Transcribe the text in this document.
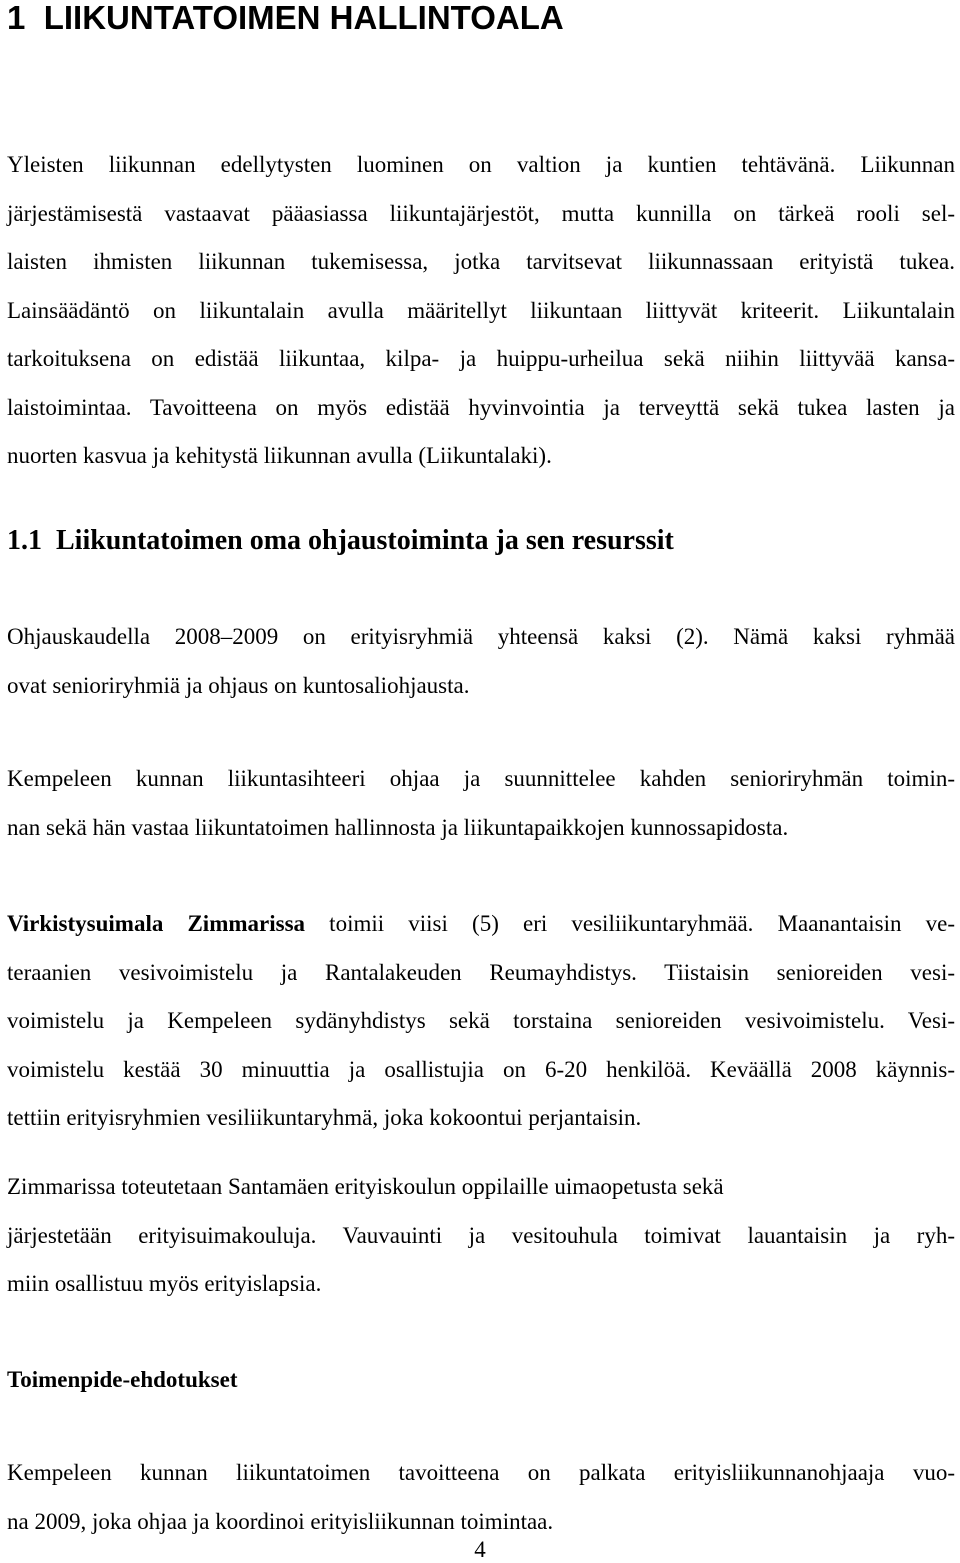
1 LIIKUNTATOIMEN HALLINTOALA
Yleisten liikunnan edellytysten luominen on valtion ja kuntien tehtävänä. Liikunnan
järjestämisestä vastaavat pääasiassa liikuntajärjestöt, mutta kunnilla on tärkeä rooli sel-
laisten ihmisten liikunnan tukemisessa, jotka tarvitsevat liikunnassaan erityistä tukea.
Lainsäädäntö on liikuntalain avulla määritellyt liikuntaan liittyvät kriteerit. Liikuntalain
tarkoituksena on edistää liikuntaa, kilpa- ja huippu-urheilua sekä niihin liittyvää kansa-
laistoimintaa. Tavoitteena on myös edistää hyvinvointia ja terveyttä sekä tukea lasten ja
nuorten kasvua ja kehitystä liikunnan avulla (Liikuntalaki).
1.1 Liikuntatoimen oma ohjaustoiminta ja sen resurssit
Ohjauskaudella 2008–2009 on erityisryhmiä yhteensä kaksi (2). Nämä kaksi ryhmää
ovat senioriryhmiä ja ohjaus on kuntosaliohjausta.
Kempeleen kunnan liikuntasihteeri ohjaa ja suunnittelee kahden senioriryhmän toimin-
nan sekä hän vastaa liikuntatoimen hallinnosta ja liikuntapaikkojen kunnossapidosta.
Virkistysuimala Zimmarissa toimii viisi (5) eri vesiliikuntaryhmää. Maanantaisin ve-
teraanien vesivoimistelu ja Rantalakeuden Reumayhdistys. Tiistaisin senioreiden vesi-
voimistelu ja Kempeleen sydänyhdistys sekä torstaina senioreiden vesivoimistelu. Vesi-
voimistelu kestää 30 minuuttia ja osallistujia on 6-20 henkilöä. Keväällä 2008 käynnis-
tettiin erityisryhmien vesiliikuntaryhmä, joka kokoontui perjantaisin.
Zimmarissa toteutetaan Santamäen erityiskoulun oppilaille uimaopetusta sekä
järjestetään erityisuimakouluja. Vauvauinti ja vesitouhula toimivat lauantaisin ja ryh-
miin osallistuu myös erityislapsia.
Toimenpide-ehdotukset
Kempeleen kunnan liikuntatoimen tavoitteena on palkata erityisliikunnanohjaaja vuo-
na 2009, joka ohjaa ja koordinoi erityisliikunnan toimintaa.
4
